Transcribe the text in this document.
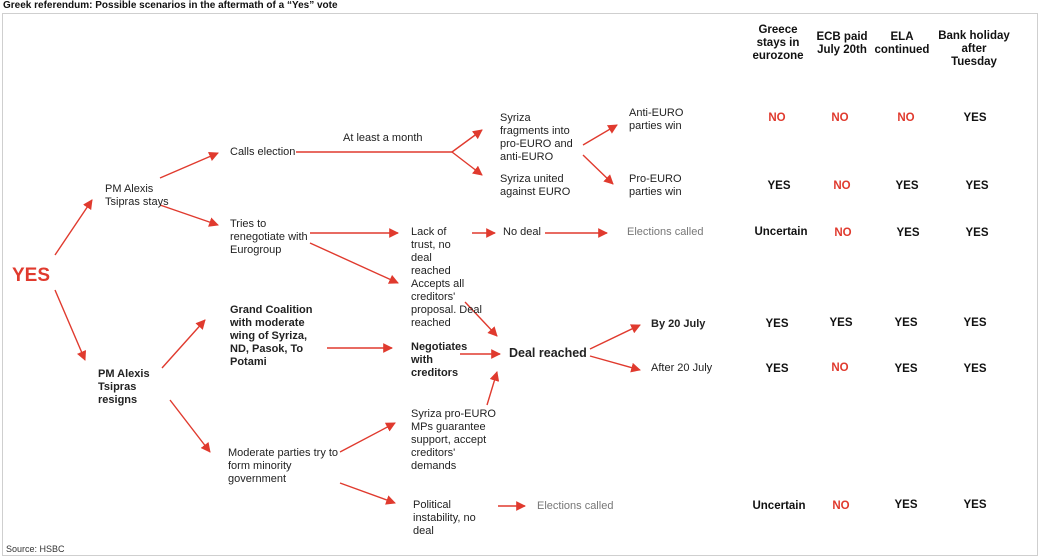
Greek referendum: Possible scenarios in the aftermath of a “Yes” vote
YES
PM Alexis Tsipras stays
PM Alexis Tsipras resigns
Calls election
At least a month
Tries to renegotiate with Eurogroup
Grand Coalition with moderate wing of Syriza, ND, Pasok, To Potami
Moderate parties try to form minority government
Syriza fragments into pro-EURO and anti-EURO
Syriza united against EURO
Anti-EURO parties win
Pro-EURO parties win
Lack of trust, no deal reached
No deal	Elections called
Accepts all creditors' proposal. Deal reached
Negotiates with creditors
Deal reached
Syriza pro-EURO MPs guarantee support, accept creditors' demands
Political instability, no deal
Elections called
By 20 July
After 20 July
Greece stays in eurozone
ECB paid July 20th
ELA continued
Bank holiday after Tuesday
NO	NO	NO	YES
YES	NO	YES	YES
Uncertain	NO	YES	YES
YES	YES	YES	YES
YES	NO	YES	YES
Uncertain	NO	YES	YES
Source: HSBC
